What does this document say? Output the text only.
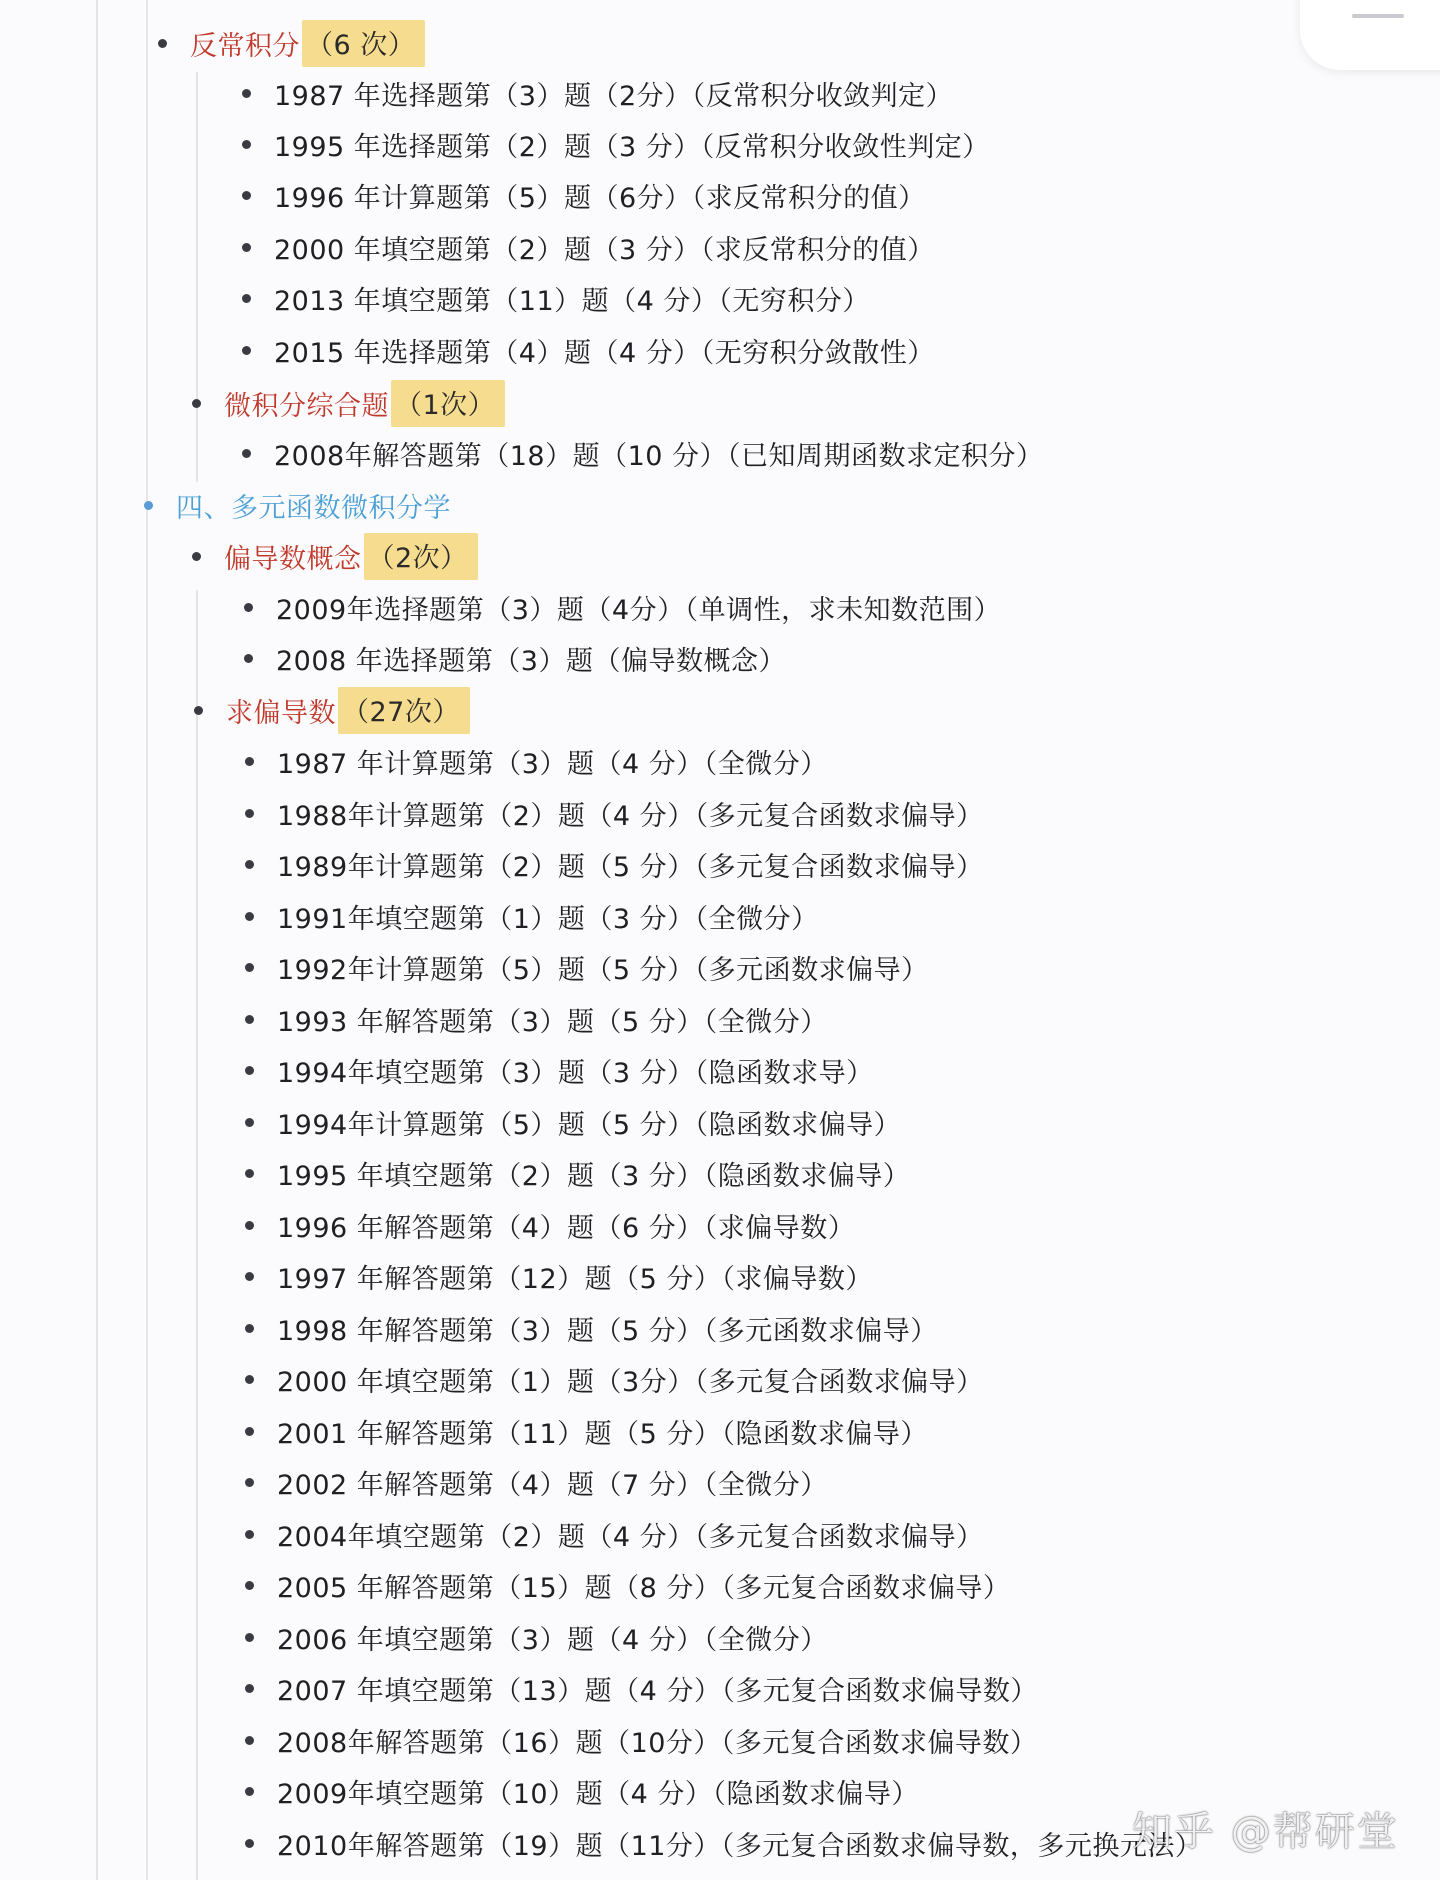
反常积分 （6 次）
1987 年选择题第（3）题（2分）（反常积分收敛判定）
1995 年选择题第（2）题（3 分）（反常积分收敛性判定）
1996 年计算题第（5）题（6分）（求反常积分的值）
2000 年填空题第（2）题（3 分）（求反常积分的值）
2013 年填空题第（11）题（4 分）（无穷积分）
2015 年选择题第（4）题（4 分）（无穷积分敛散性）
微积分综合题 （1次）
2008年解答题第（18）题（10 分）（已知周期函数求定积分）
四、多元函数微积分学
偏导数概念 （2次）
2009年选择题第（3）题（4分）（单调性，求未知数范围）
2008 年选择题第（3）题（偏导数概念）
求偏导数 （27次）
1987 年计算题第（3）题（4 分）（全微分）
1988年计算题第（2）题（4 分）（多元复合函数求偏导）
1989年计算题第（2）题（5 分）（多元复合函数求偏导）
1991年填空题第（1）题（3 分）（全微分）
1992年计算题第（5）题（5 分）（多元函数求偏导）
1993 年解答题第（3）题（5 分）（全微分）
1994年填空题第（3）题（3 分）（隐函数求导）
1994年计算题第（5）题（5 分）（隐函数求偏导）
1995 年填空题第（2）题（3 分）（隐函数求偏导）
1996 年解答题第（4）题（6 分）（求偏导数）
1997 年解答题第（12）题（5 分）（求偏导数）
1998 年解答题第（3）题（5 分）（多元函数求偏导）
2000 年填空题第（1）题（3分）（多元复合函数求偏导）
2001 年解答题第（11）题（5 分）（隐函数求偏导）
2002 年解答题第（4）题（7 分）（全微分）
2004年填空题第（2）题（4 分）（多元复合函数求偏导）
2005 年解答题第（15）题（8 分）（多元复合函数求偏导）
2006 年填空题第（3）题（4 分）（全微分）
2007 年填空题第（13）题（4 分）（多元复合函数求偏导数）
2008年解答题第（16）题（10分）（多元复合函数求偏导数）
2009年填空题第（10）题（4 分）（隐函数求偏导）
2010年解答题第（19）题（11分）（多元复合函数求偏导数，多元换元法）
知乎 @帮研堂
